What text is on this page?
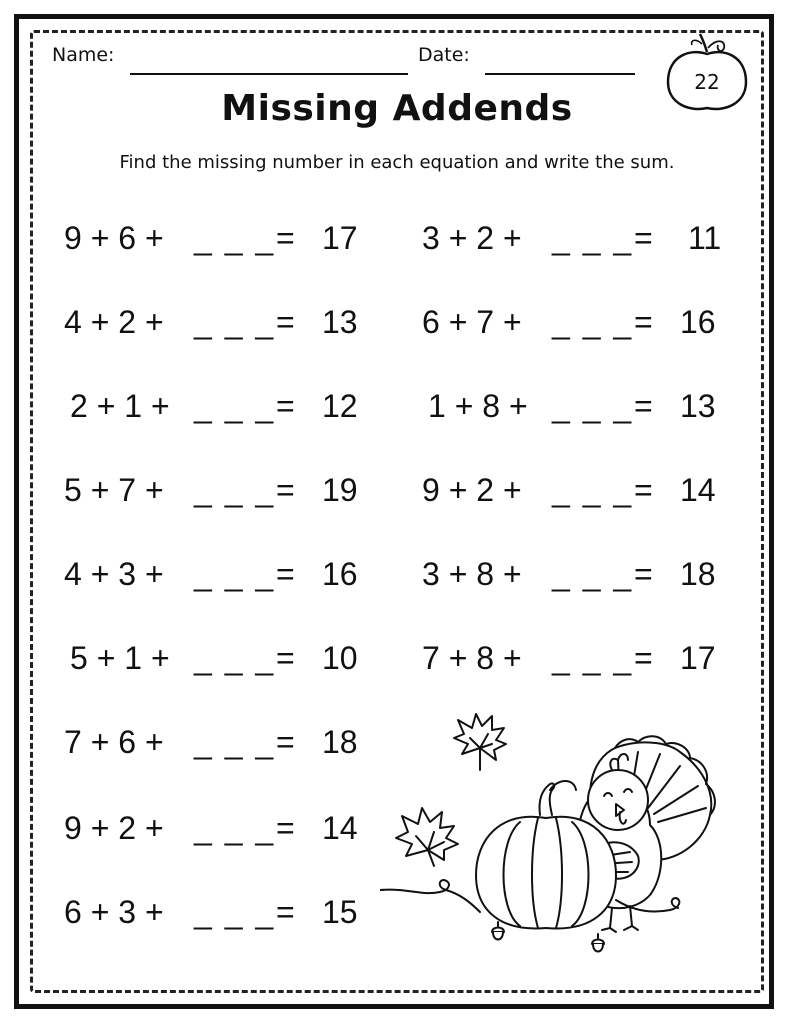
Name:	Date:
22
Missing Addends
Find the missing number in each equation and write the sum.
9 + 6 + _ _ _ = 17
4 + 2 + _ _ _ = 13
2 + 1 + _ _ _ = 12
5 + 7 + _ _ _ = 19
4 + 3 + _ _ _ = 16
5 + 1 + _ _ _ = 10
7 + 6 + _ _ _ = 18
9 + 2 + _ _ _ = 14
6 + 3 + _ _ _ = 15
3 + 2 + _ _ _ = 11
6 + 7 + _ _ _ = 16
1 + 8 + _ _ _ = 13
9 + 2 + _ _ _ = 14
3 + 8 + _ _ _ = 18
7 + 8 + _ _ _ = 17
